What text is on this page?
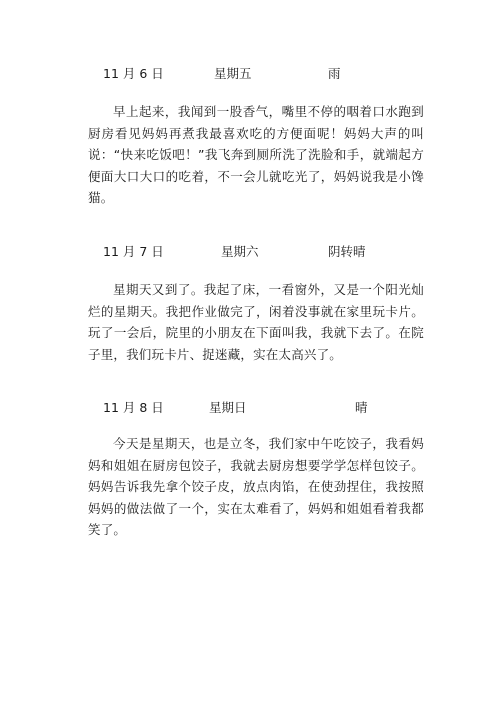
11 月 6 日	星期五	雨

早上起来，我闻到一股香气，嘴里不停的咽着口水跑到厨房看见妈妈再煮我最喜欢吃的方便面呢！妈妈大声的叫说：“快来吃饭吧！”我飞奔到厕所洗了洗脸和手，就端起方便面大口大口的吃着，不一会儿就吃光了，妈妈说我是小馋猫。

11 月 7 日	星期六	阴转晴

星期天又到了。我起了床，一看窗外，又是一个阳光灿烂的星期天。我把作业做完了，闲着没事就在家里玩卡片。玩了一会后，院里的小朋友在下面叫我，我就下去了。在院子里，我们玩卡片、捉迷藏，实在太高兴了。

11 月 8 日	星期日	晴

今天是星期天，也是立冬，我们家中午吃饺子，我看妈妈和姐姐在厨房包饺子，我就去厨房想要学学怎样包饺子。妈妈告诉我先拿个饺子皮，放点肉馅，在使劲捏住，我按照妈妈的做法做了一个，实在太难看了，妈妈和姐姐看着我都笑了。
